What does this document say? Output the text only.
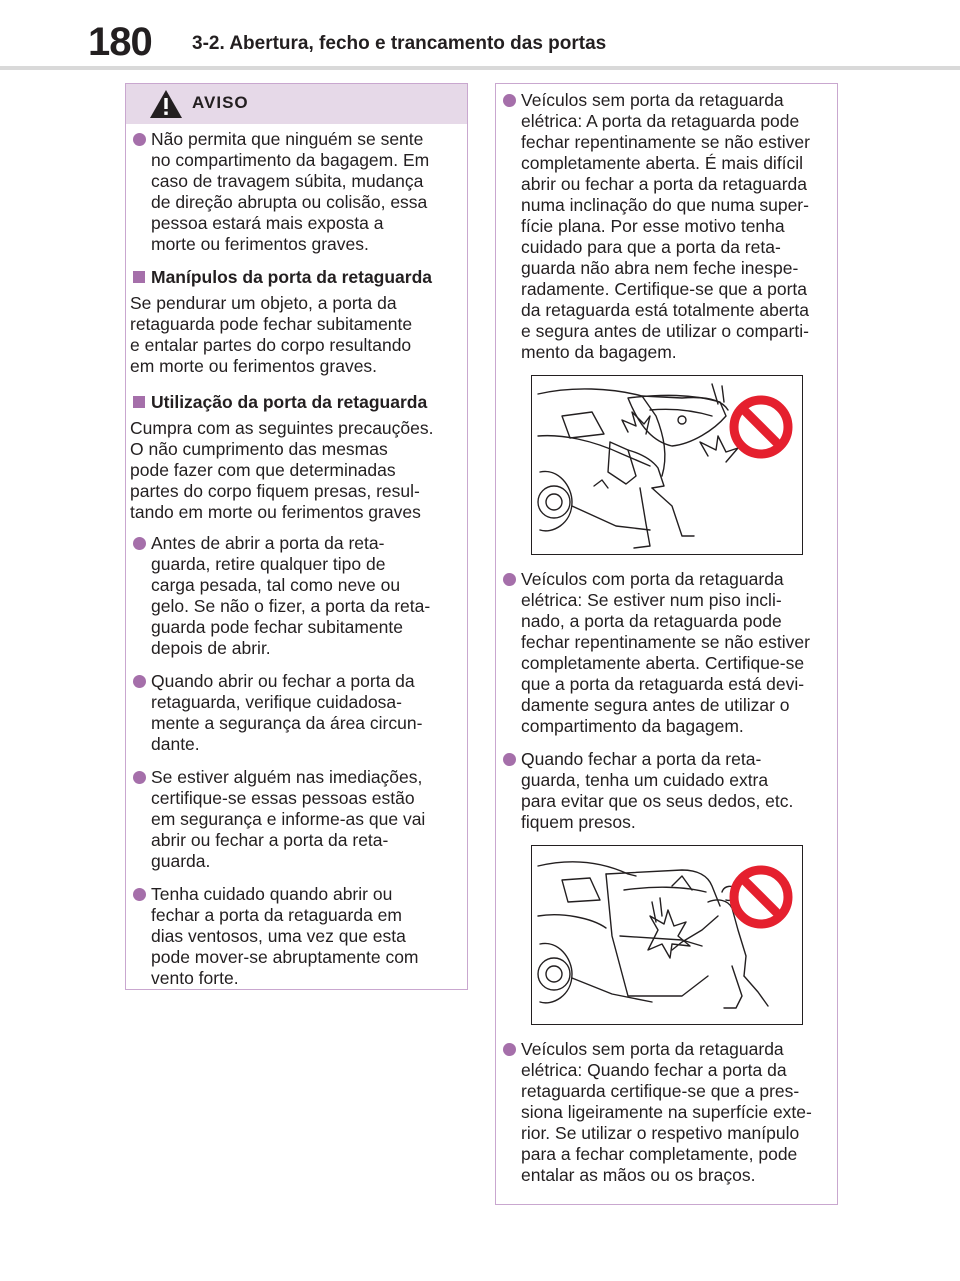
180 3-2. Abertura, fecho e trancamento das portas
AVISO
Não permita que ninguém se sente
no compartimento da bagagem. Em
caso de travagem súbita, mudança
de direção abrupta ou colisão, essa
pessoa estará mais exposta a
morte ou ferimentos graves.
Manípulos da porta da retaguarda
Se pendurar um objeto, a porta da
retaguarda pode fechar subitamente
e entalar partes do corpo resultando
em morte ou ferimentos graves.
Utilização da porta da retaguarda
Cumpra com as seguintes precauções.
O não cumprimento das mesmas
pode fazer com que determinadas
partes do corpo fiquem presas, resul-
tando em morte ou ferimentos graves
Antes de abrir a porta da reta-
guarda, retire qualquer tipo de
carga pesada, tal como neve ou
gelo. Se não o fizer, a porta da reta-
guarda pode fechar subitamente
depois de abrir.
Quando abrir ou fechar a porta da
retaguarda, verifique cuidadosa-
mente a segurança da área circun-
dante.
Se estiver alguém nas imediações,
certifique-se essas pessoas estão
em segurança e informe-as que vai
abrir ou fechar a porta da reta-
guarda.
Tenha cuidado quando abrir ou
fechar a porta da retaguarda em
dias ventosos, uma vez que esta
pode mover-se abruptamente com
vento forte.
Veículos sem porta da retaguarda
elétrica: A porta da retaguarda pode
fechar repentinamente se não estiver
completamente aberta. É mais difícil
abrir ou fechar a porta da retaguarda
numa inclinação do que numa super-
fície plana. Por esse motivo tenha
cuidado para que a porta da reta-
guarda não abra nem feche inespe-
radamente. Certifique-se que a porta
da retaguarda está totalmente aberta
e segura antes de utilizar o comparti-
mento da bagagem.
Veículos com porta da retaguarda
elétrica: Se estiver num piso incli-
nado, a porta da retaguarda pode
fechar repentinamente se não estiver
completamente aberta. Certifique-se
que a porta da retaguarda está devi-
damente segura antes de utilizar o
compartimento da bagagem.
Quando fechar a porta da reta-
guarda, tenha um cuidado extra
para evitar que os seus dedos, etc.
fiquem presos.
Veículos sem porta da retaguarda
elétrica: Quando fechar a porta da
retaguarda certifique-se que a pres-
siona ligeiramente na superfície exte-
rior. Se utilizar o respetivo manípulo
para a fechar completamente, pode
entalar as mãos ou os braços.
